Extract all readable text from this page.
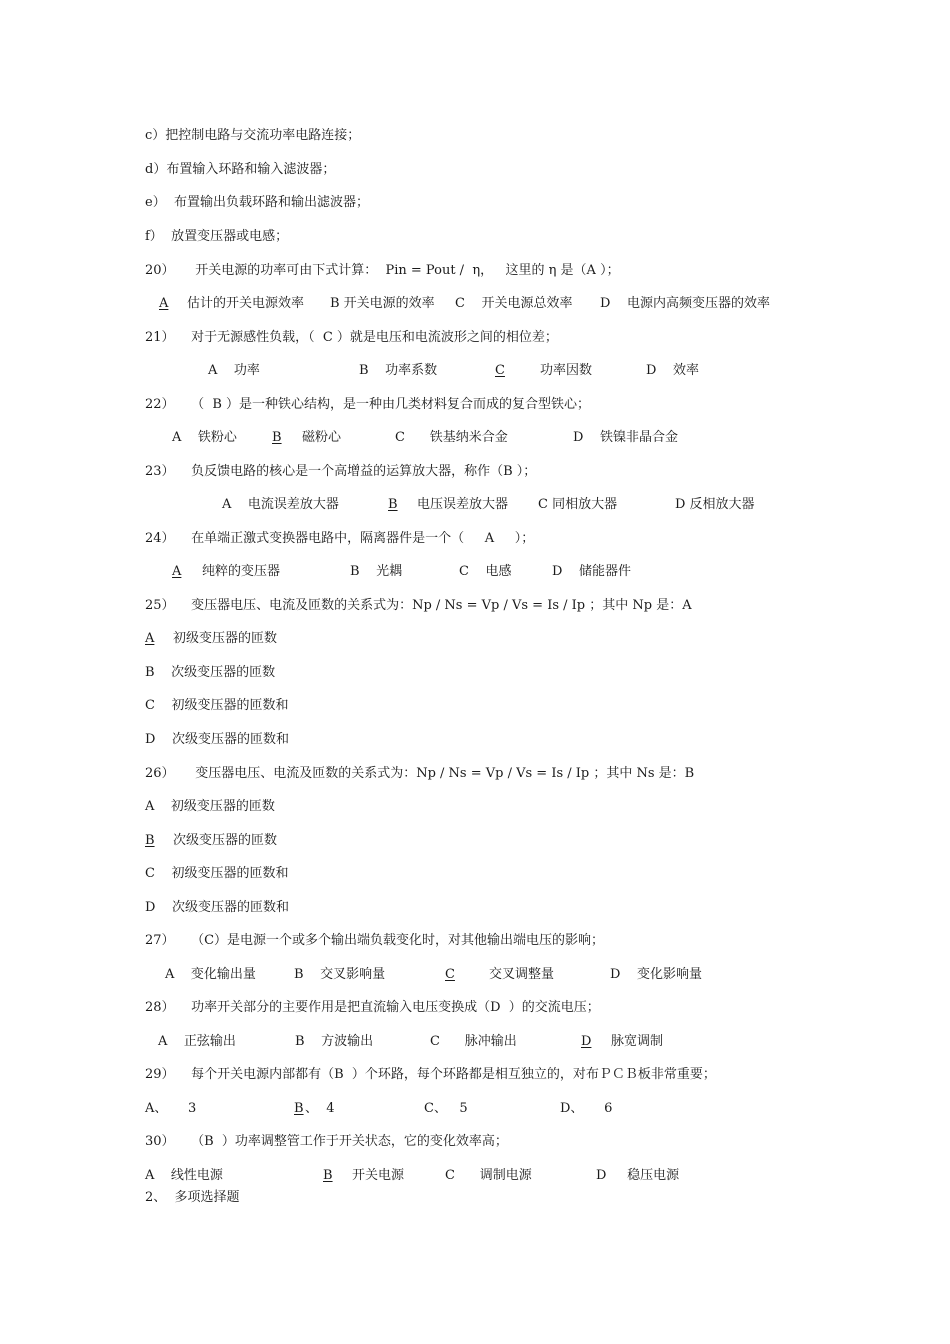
c）把控制电路与交流功率电路连接；
d）布置输入环路和输入滤波器；
e）  布置输出负载环路和输出滤波器；
f）  放置变压器或电感；
20）     开关电源的功率可由下式计算：  Pin = Pout /  η，   这里的 η 是（A ）；

A

估计的开关电源效率

B 开关电源的效率

C    开关电源总效率

D    电源内高频变压器的效率

21）    对于无源感性负载，（  C ）就是电压和电流波形之间的相位差；

A    功率

	B    功率系数

	C

	功率因数

	D    效率

22）    （  B ）是一种铁心结构，是一种由几类材料复合而成的复合型铁心；

A    铁粉心

	B

磁粉心

	C      铁基纳米合金

	D    铁镍非晶合金

23）    负反馈电路的核心是一个高增益的运算放大器，称作（B ）；

A    电流误差放大器

	B

电压误差放大器

C 同相放大器

	D 反相放大器

24）    在单端正激式变换器电路中，隔离器件是一个（     A     ）；

A

纯粹的变压器

	B    光耦

	C    电感

	D    储能器件

25）    变压器电压、电流及匝数的关系式为：Np / Ns = Vp / Vs = Is / Ip ；其中 Np 是：A

A

初级变压器的匝数

B    次级变压器的匝数
C    初级变压器的匝数和
D    次级变压器的匝数和
26）     变压器电压、电流及匝数的关系式为：Np / Ns = Vp / Vs = Is / Ip ；其中 Ns 是：B
A    初级变压器的匝数

B

次级变压器的匝数

C    初级变压器的匝数和
D    次级变压器的匝数和
27）    （C）是电源一个或多个输出端负载变化时，对其他输出端电压的影响；

A    变化输出量

	B    交叉影响量

	C

	交叉调整量

	D    变化影响量

28）    功率开关部分的主要作用是把直流输入电压变换成（D  ）的交流电压；

A    正弦输出

	B    方波输出

	C      脉冲输出

	D

脉宽调制

29）    每个开关电源内部都有（B  ）个环路，每个环路都是相互独立的，对布ＰＣＢ板非常重要；

A、     3

	B

、  4

	C、   5

	D、     6

30）    （B  ）功率调整管工作于开关状态，它的变化效率高；

A    线性电源

	B

开关电源

	C      调制电源

	D     稳压电源

2、  多项选择题
